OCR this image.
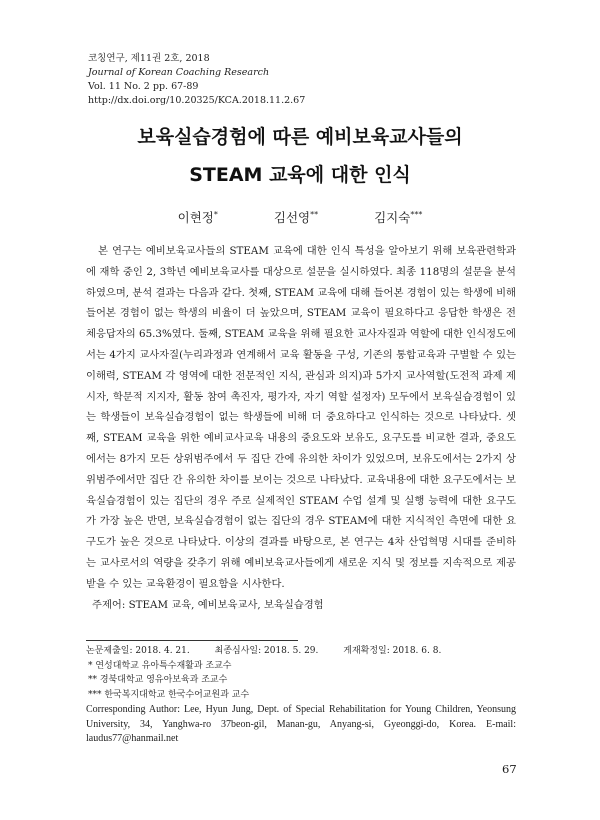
코칭연구, 제11권 2호, 2018
Journal of Korean Coaching Research
Vol. 11 No. 2 pp. 67-89
http://dx.doi.org/10.20325/KCA.2018.11.2.67
보육실습경험에 따른 예비보육교사들의
STEAM 교육에 대한 인식
이현정*	김선영**	김지숙***

본 연구는 예비보육교사들의 STEAM 교육에 대한 인식 특성을 알아보기 위해 보육관련학과에 재학 중인 2, 3학년 예비보육교사를 대상으로 설문을 실시하였다. 최종 118명의 설문을 분석하였으며, 분석 결과는 다음과 같다. 첫째, STEAM 교육에 대해 들어본 경험이 있는 학생에 비해 들어본 경험이 없는 학생의 비율이 더 높았으며, STEAM 교육이 필요하다고 응답한 학생은 전체응답자의 65.3%였다. 둘째, STEAM 교육을 위해 필요한 교사자질과 역할에 대한 인식정도에서는 4가지 교사자질(누리과정과 연계해서 교육 활동을 구성, 기존의 통합교육과 구별할 수 있는 이해력, STEAM 각 영역에 대한 전문적인 지식, 관심과 의지)과 5가지 교사역할(도전적 과제 제시자, 학문적 지지자, 활동 참여 촉진자, 평가자, 자기 역할 설정자) 모두에서 보육실습경험이 있는 학생들이 보육실습경험이 없는 학생들에 비해 더 중요하다고 인식하는 것으로 나타났다. 셋째, STEAM 교육을 위한 예비교사교육 내용의 중요도와 보유도, 요구도를 비교한 결과, 중요도에서는 8가지 모든 상위범주에서 두 집단 간에 유의한 차이가 있었으며, 보유도에서는 2가지 상위범주에서만 집단 간 유의한 차이를 보이는 것으로 나타났다. 교육내용에 대한 요구도에서는 보육실습경험이 있는 집단의 경우 주로 실제적인 STEAM 수업 설계 및 실행 능력에 대한 요구도가 가장 높은 반면, 보육실습경험이 없는 집단의 경우 STEAM에 대한 지식적인 측면에 대한 요구도가 높은 것으로 나타났다. 이상의 결과를 바탕으로, 본 연구는 4차 산업혁명 시대를 준비하는 교사로서의 역량을 갖추기 위해 예비보육교사들에게 새로운 지식 및 정보를 지속적으로 제공받을 수 있는 교육환경이 필요함을 시사한다.

주제어: STEAM 교육, 예비보육교사, 보육실습경험
논문제출일: 2018. 4. 21.	최종심사일: 2018. 5. 29.	게재확정일: 2018. 6. 8.
* 연성대학교 유아특수재활과 조교수
** 경북대학교 영유아보육과 조교수
*** 한국복지대학교 한국수어교원과 교수
Corresponding Author: Lee, Hyun Jung, Dept. of Special Rehabilitation for Young Children, Yeonsung University, 34, Yanghwa-ro 37beon-gil, Manan-gu, Anyang-si, Gyeonggi-do, Korea. E-mail: laudus77@hanmail.net
67
